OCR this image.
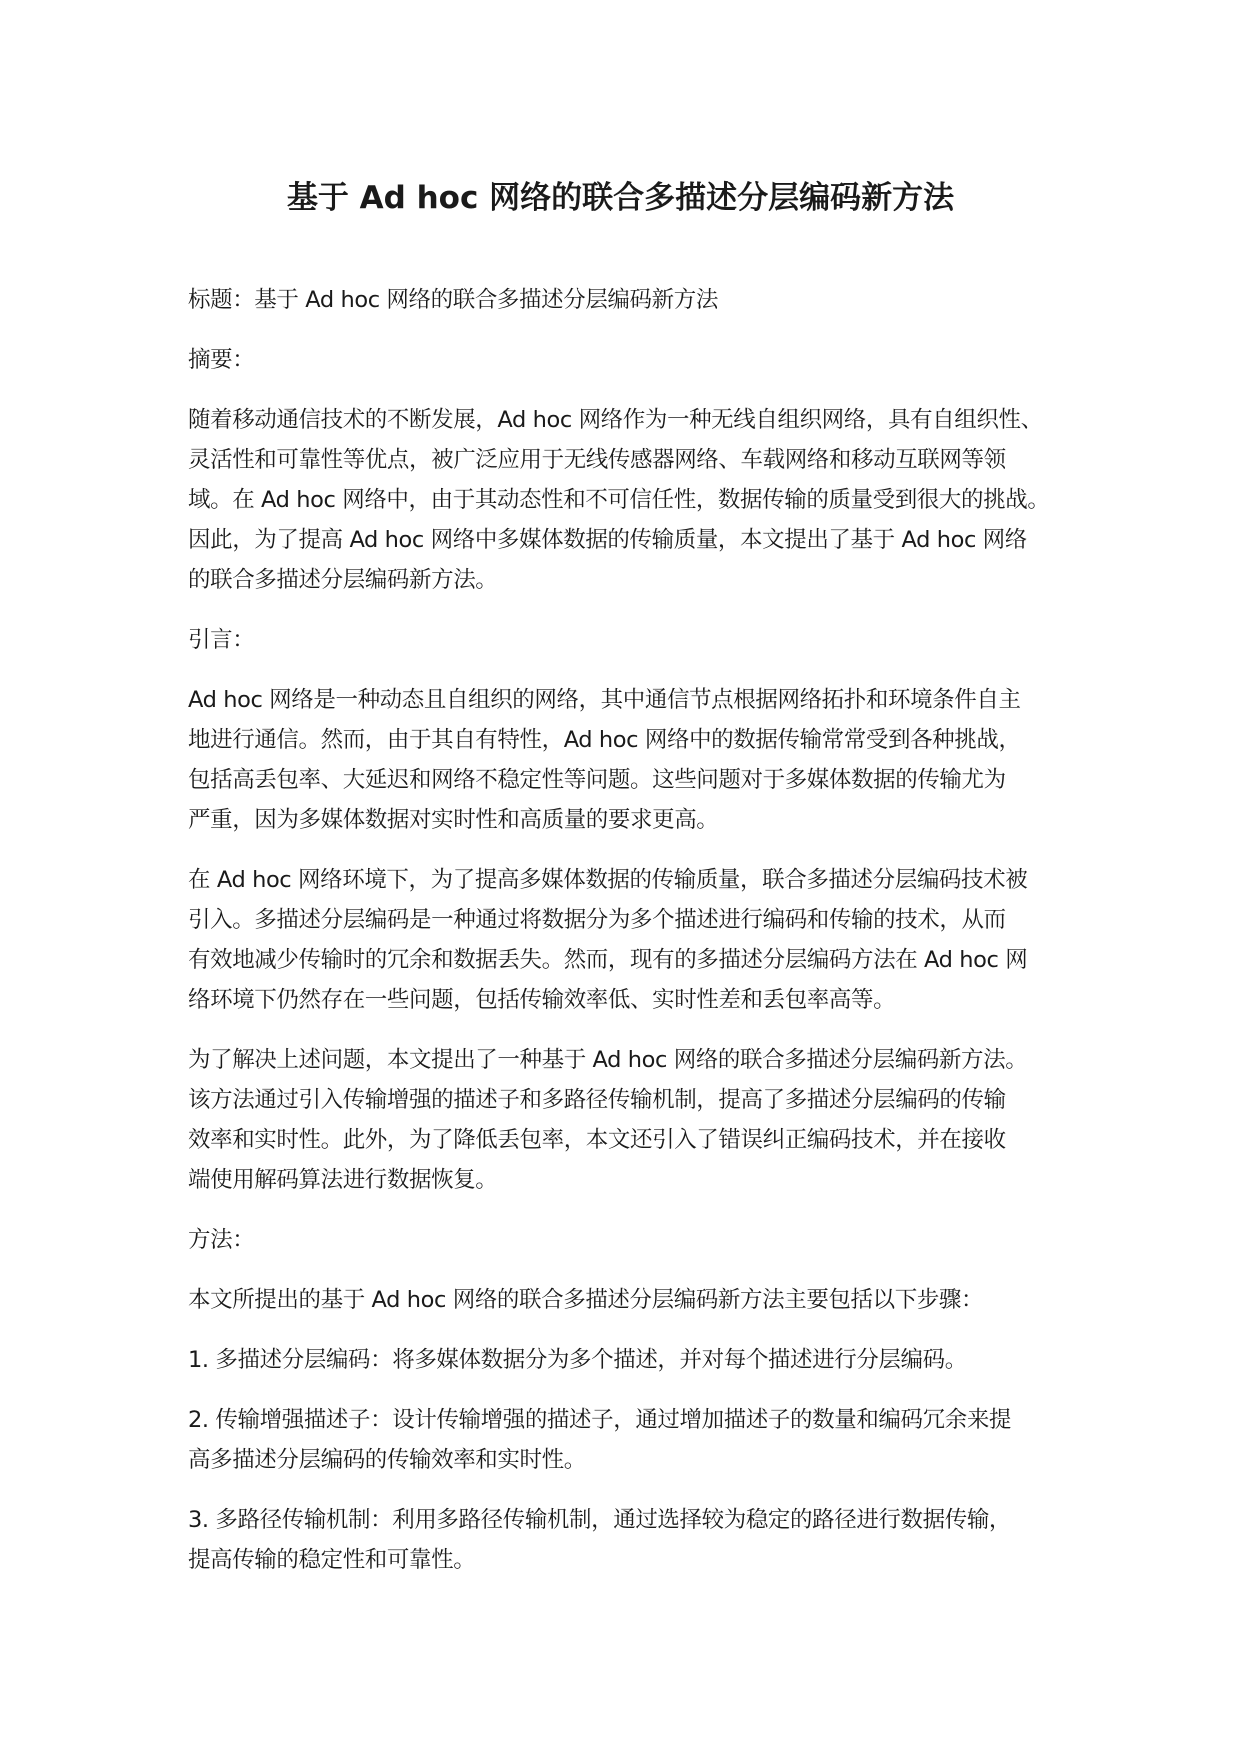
基于 Ad hoc 网络的联合多描述分层编码新方法

标题：基于 Ad hoc 网络的联合多描述分层编码新方法

摘要：

随着移动通信技术的不断发展，Ad hoc 网络作为一种无线自组织网络，具有自组织性、
灵活性和可靠性等优点，被广泛应用于无线传感器网络、车载网络和移动互联网等领
域。在 Ad hoc 网络中，由于其动态性和不可信任性，数据传输的质量受到很大的挑战。
因此，为了提高 Ad hoc 网络中多媒体数据的传输质量，本文提出了基于 Ad hoc 网络
的联合多描述分层编码新方法。

引言：

Ad hoc 网络是一种动态且自组织的网络，其中通信节点根据网络拓扑和环境条件自主
地进行通信。然而，由于其自有特性，Ad hoc 网络中的数据传输常常受到各种挑战，
包括高丢包率、大延迟和网络不稳定性等问题。这些问题对于多媒体数据的传输尤为
严重，因为多媒体数据对实时性和高质量的要求更高。

在 Ad hoc 网络环境下，为了提高多媒体数据的传输质量，联合多描述分层编码技术被
引入。多描述分层编码是一种通过将数据分为多个描述进行编码和传输的技术，从而
有效地减少传输时的冗余和数据丢失。然而，现有的多描述分层编码方法在 Ad hoc 网
络环境下仍然存在一些问题，包括传输效率低、实时性差和丢包率高等。

为了解决上述问题，本文提出了一种基于 Ad hoc 网络的联合多描述分层编码新方法。
该方法通过引入传输增强的描述子和多路径传输机制，提高了多描述分层编码的传输
效率和实时性。此外，为了降低丢包率，本文还引入了错误纠正编码技术，并在接收
端使用解码算法进行数据恢复。

方法：

本文所提出的基于 Ad hoc 网络的联合多描述分层编码新方法主要包括以下步骤：

1. 多描述分层编码：将多媒体数据分为多个描述，并对每个描述进行分层编码。

2. 传输增强描述子：设计传输增强的描述子，通过增加描述子的数量和编码冗余来提
高多描述分层编码的传输效率和实时性。

3. 多路径传输机制：利用多路径传输机制，通过选择较为稳定的路径进行数据传输，
提高传输的稳定性和可靠性。
